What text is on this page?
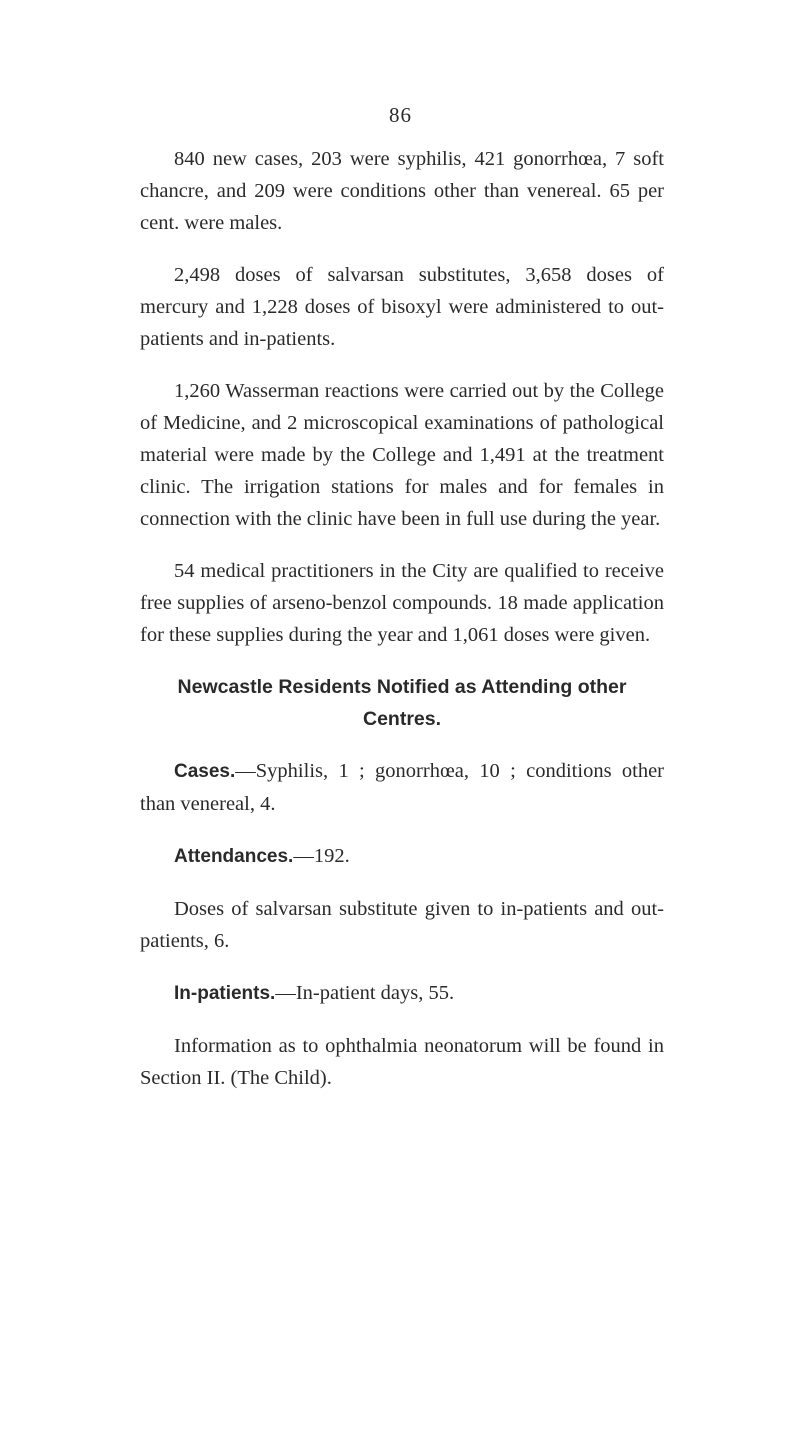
86

840 new cases, 203 were syphilis, 421 gonorrhœa, 7 soft chancre, and 209 were conditions other than venereal. 65 per cent. were males.

2,498 doses of salvarsan substitutes, 3,658 doses of mercury and 1,228 doses of bisoxyl were administered to out-patients and in-patients.

1,260 Wasserman reactions were carried out by the College of Medicine, and 2 microscopical examinations of pathological material were made by the College and 1,491 at the treatment clinic. The irrigation stations for males and for females in connection with the clinic have been in full use during the year.

54 medical practitioners in the City are qualified to receive free supplies of arseno-benzol compounds. 18 made application for these supplies during the year and 1,061 doses were given.

Newcastle Residents Notified as Attending other Centres.

Cases.—Syphilis, 1 ; gonorrhœa, 10 ; conditions other than venereal, 4.

Attendances.—192.

Doses of salvarsan substitute given to in-patients and out-patients, 6.

In-patients.—In-patient days, 55.

Information as to ophthalmia neonatorum will be found in Section II. (The Child).
